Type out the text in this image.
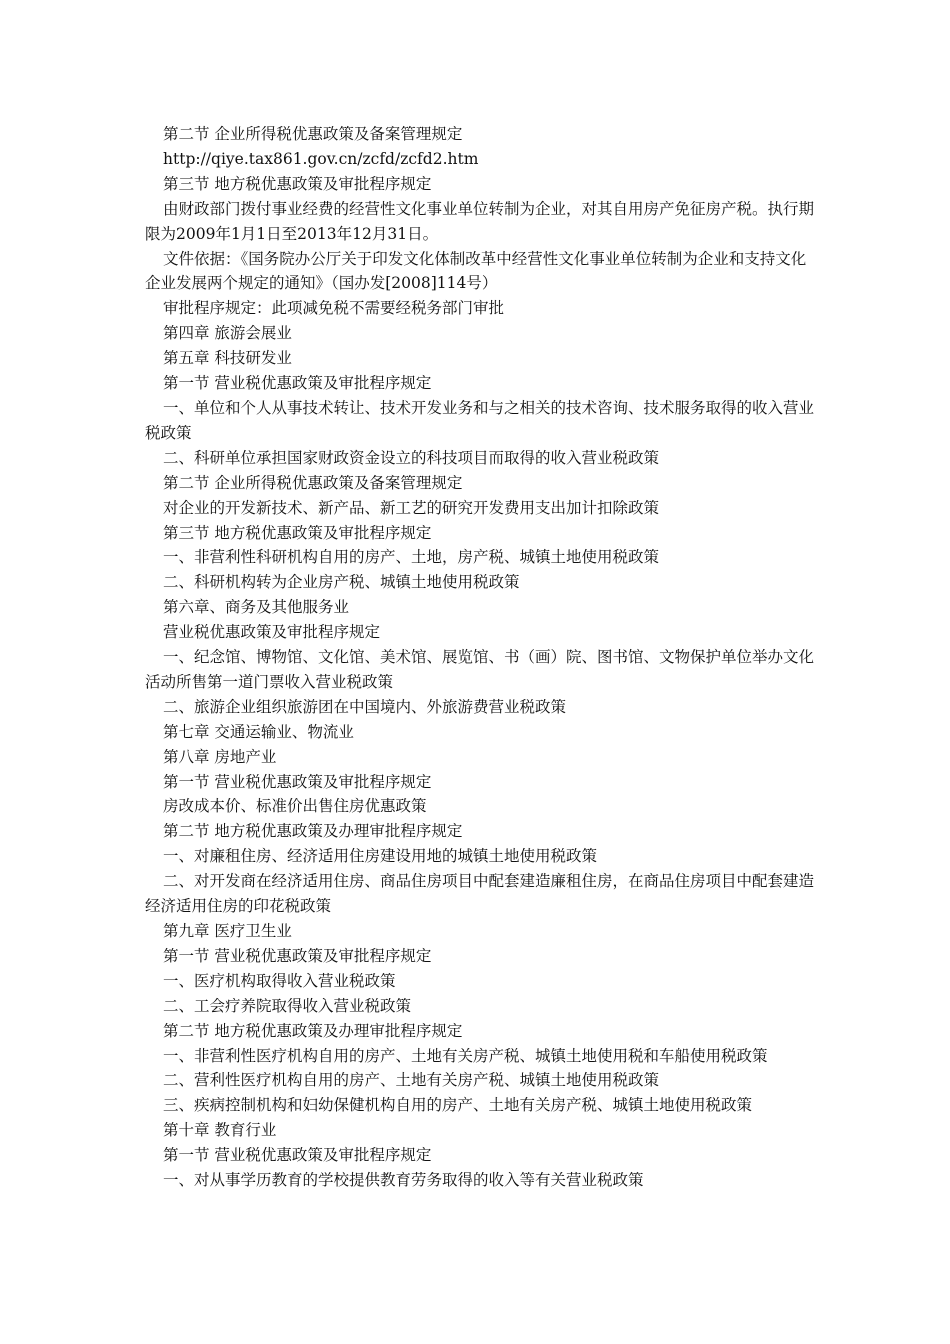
第二节 企业所得税优惠政策及备案管理规定

http://qiye.tax861.gov.cn/zcfd/zcfd2.htm

第三节 地方税优惠政策及审批程序规定

由财政部门拨付事业经费的经营性文化事业单位转制为企业，对其自用房产免征房产税。执行期限为2009年1月1日至2013年12月31日。

文件依据：《国务院办公厅关于印发文化体制改革中经营性文化事业单位转制为企业和支持文化企业发展两个规定的通知》（国办发[2008]114号）

审批程序规定：此项减免税不需要经税务部门审批

第四章 旅游会展业

第五章 科技研发业

第一节 营业税优惠政策及审批程序规定

一、单位和个人从事技术转让、技术开发业务和与之相关的技术咨询、技术服务取得的收入营业税政策

二、科研单位承担国家财政资金设立的科技项目而取得的收入营业税政策

第二节 企业所得税优惠政策及备案管理规定

对企业的开发新技术、新产品、新工艺的研究开发费用支出加计扣除政策

第三节 地方税优惠政策及审批程序规定

一、非营利性科研机构自用的房产、土地，房产税、城镇土地使用税政策

二、科研机构转为企业房产税、城镇土地使用税政策

第六章、商务及其他服务业

营业税优惠政策及审批程序规定

一、纪念馆、博物馆、文化馆、美术馆、展览馆、书（画）院、图书馆、文物保护单位举办文化活动所售第一道门票收入营业税政策

二、旅游企业组织旅游团在中国境内、外旅游费营业税政策

第七章 交通运输业、物流业

第八章 房地产业

第一节 营业税优惠政策及审批程序规定

房改成本价、标准价出售住房优惠政策

第二节 地方税优惠政策及办理审批程序规定

一、对廉租住房、经济适用住房建设用地的城镇土地使用税政策

二、对开发商在经济适用住房、商品住房项目中配套建造廉租住房，在商品住房项目中配套建造经济适用住房的印花税政策

第九章 医疗卫生业

第一节 营业税优惠政策及审批程序规定

一、医疗机构取得收入营业税政策

二、工会疗养院取得收入营业税政策

第二节 地方税优惠政策及办理审批程序规定

一、非营利性医疗机构自用的房产、土地有关房产税、城镇土地使用税和车船使用税政策

二、营利性医疗机构自用的房产、土地有关房产税、城镇土地使用税政策

三、疾病控制机构和妇幼保健机构自用的房产、土地有关房产税、城镇土地使用税政策

第十章 教育行业

第一节 营业税优惠政策及审批程序规定

一、对从事学历教育的学校提供教育劳务取得的收入等有关营业税政策
